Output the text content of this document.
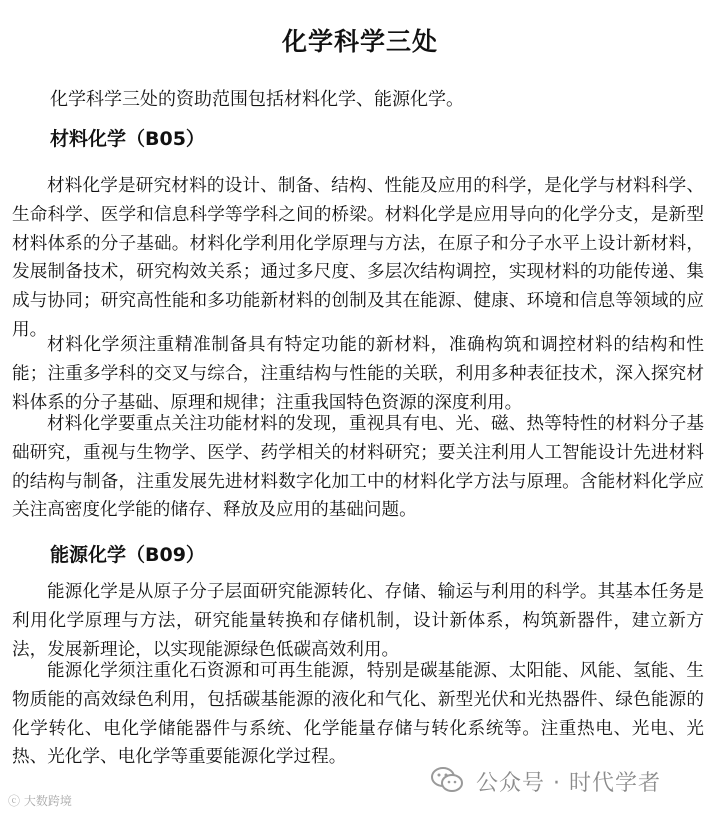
化学科学三处
化学科学三处的资助范围包括材料化学、能源化学。
材料化学（B05）

材料化学是研究材料的设计、制备、结构、性能及应用的科学，是化学与材料科学、生命科学、医学和信息科学等学科之间的桥梁。材料化学是应用导向的化学分支，是新型材料体系的分子基础。材料化学利用化学原理与方法，在原子和分子水平上设计新材料，发展制备技术，研究构效关系；通过多尺度、多层次结构调控，实现材料的功能传递、集成与协同；研究高性能和多功能新材料的创制及其在能源、健康、环境和信息等领域的应用。

材料化学须注重精准制备具有特定功能的新材料，准确构筑和调控材料的结构和性能；注重多学科的交叉与综合，注重结构与性能的关联，利用多种表征技术，深入探究材料体系的分子基础、原理和规律；注重我国特色资源的深度利用。

材料化学要重点关注功能材料的发现，重视具有电、光、磁、热等特性的材料分子基础研究，重视与生物学、医学、药学相关的材料研究；要关注利用人工智能设计先进材料的结构与制备，注重发展先进材料数字化加工中的材料化学方法与原理。含能材料化学应关注高密度化学能的储存、释放及应用的基础问题。

能源化学（B09）

能源化学是从原子分子层面研究能源转化、存储、输运与利用的科学。其基本任务是利用化学原理与方法，研究能量转换和存储机制，设计新体系，构筑新器件，建立新方法，发展新理论，以实现能源绿色低碳高效利用。

能源化学须注重化石资源和可再生能源，特别是碳基能源、太阳能、风能、氢能、生物质能的高效绿色利用，包括碳基能源的液化和气化、新型光伏和光热器件、绿色能源的化学转化、电化学储能器件与系统、化学能量存储与转化系统等。注重热电、光电、光热、光化学、电化学等重要能源化学过程。

公众号 · 时代学者
ⓒ 大数跨境
